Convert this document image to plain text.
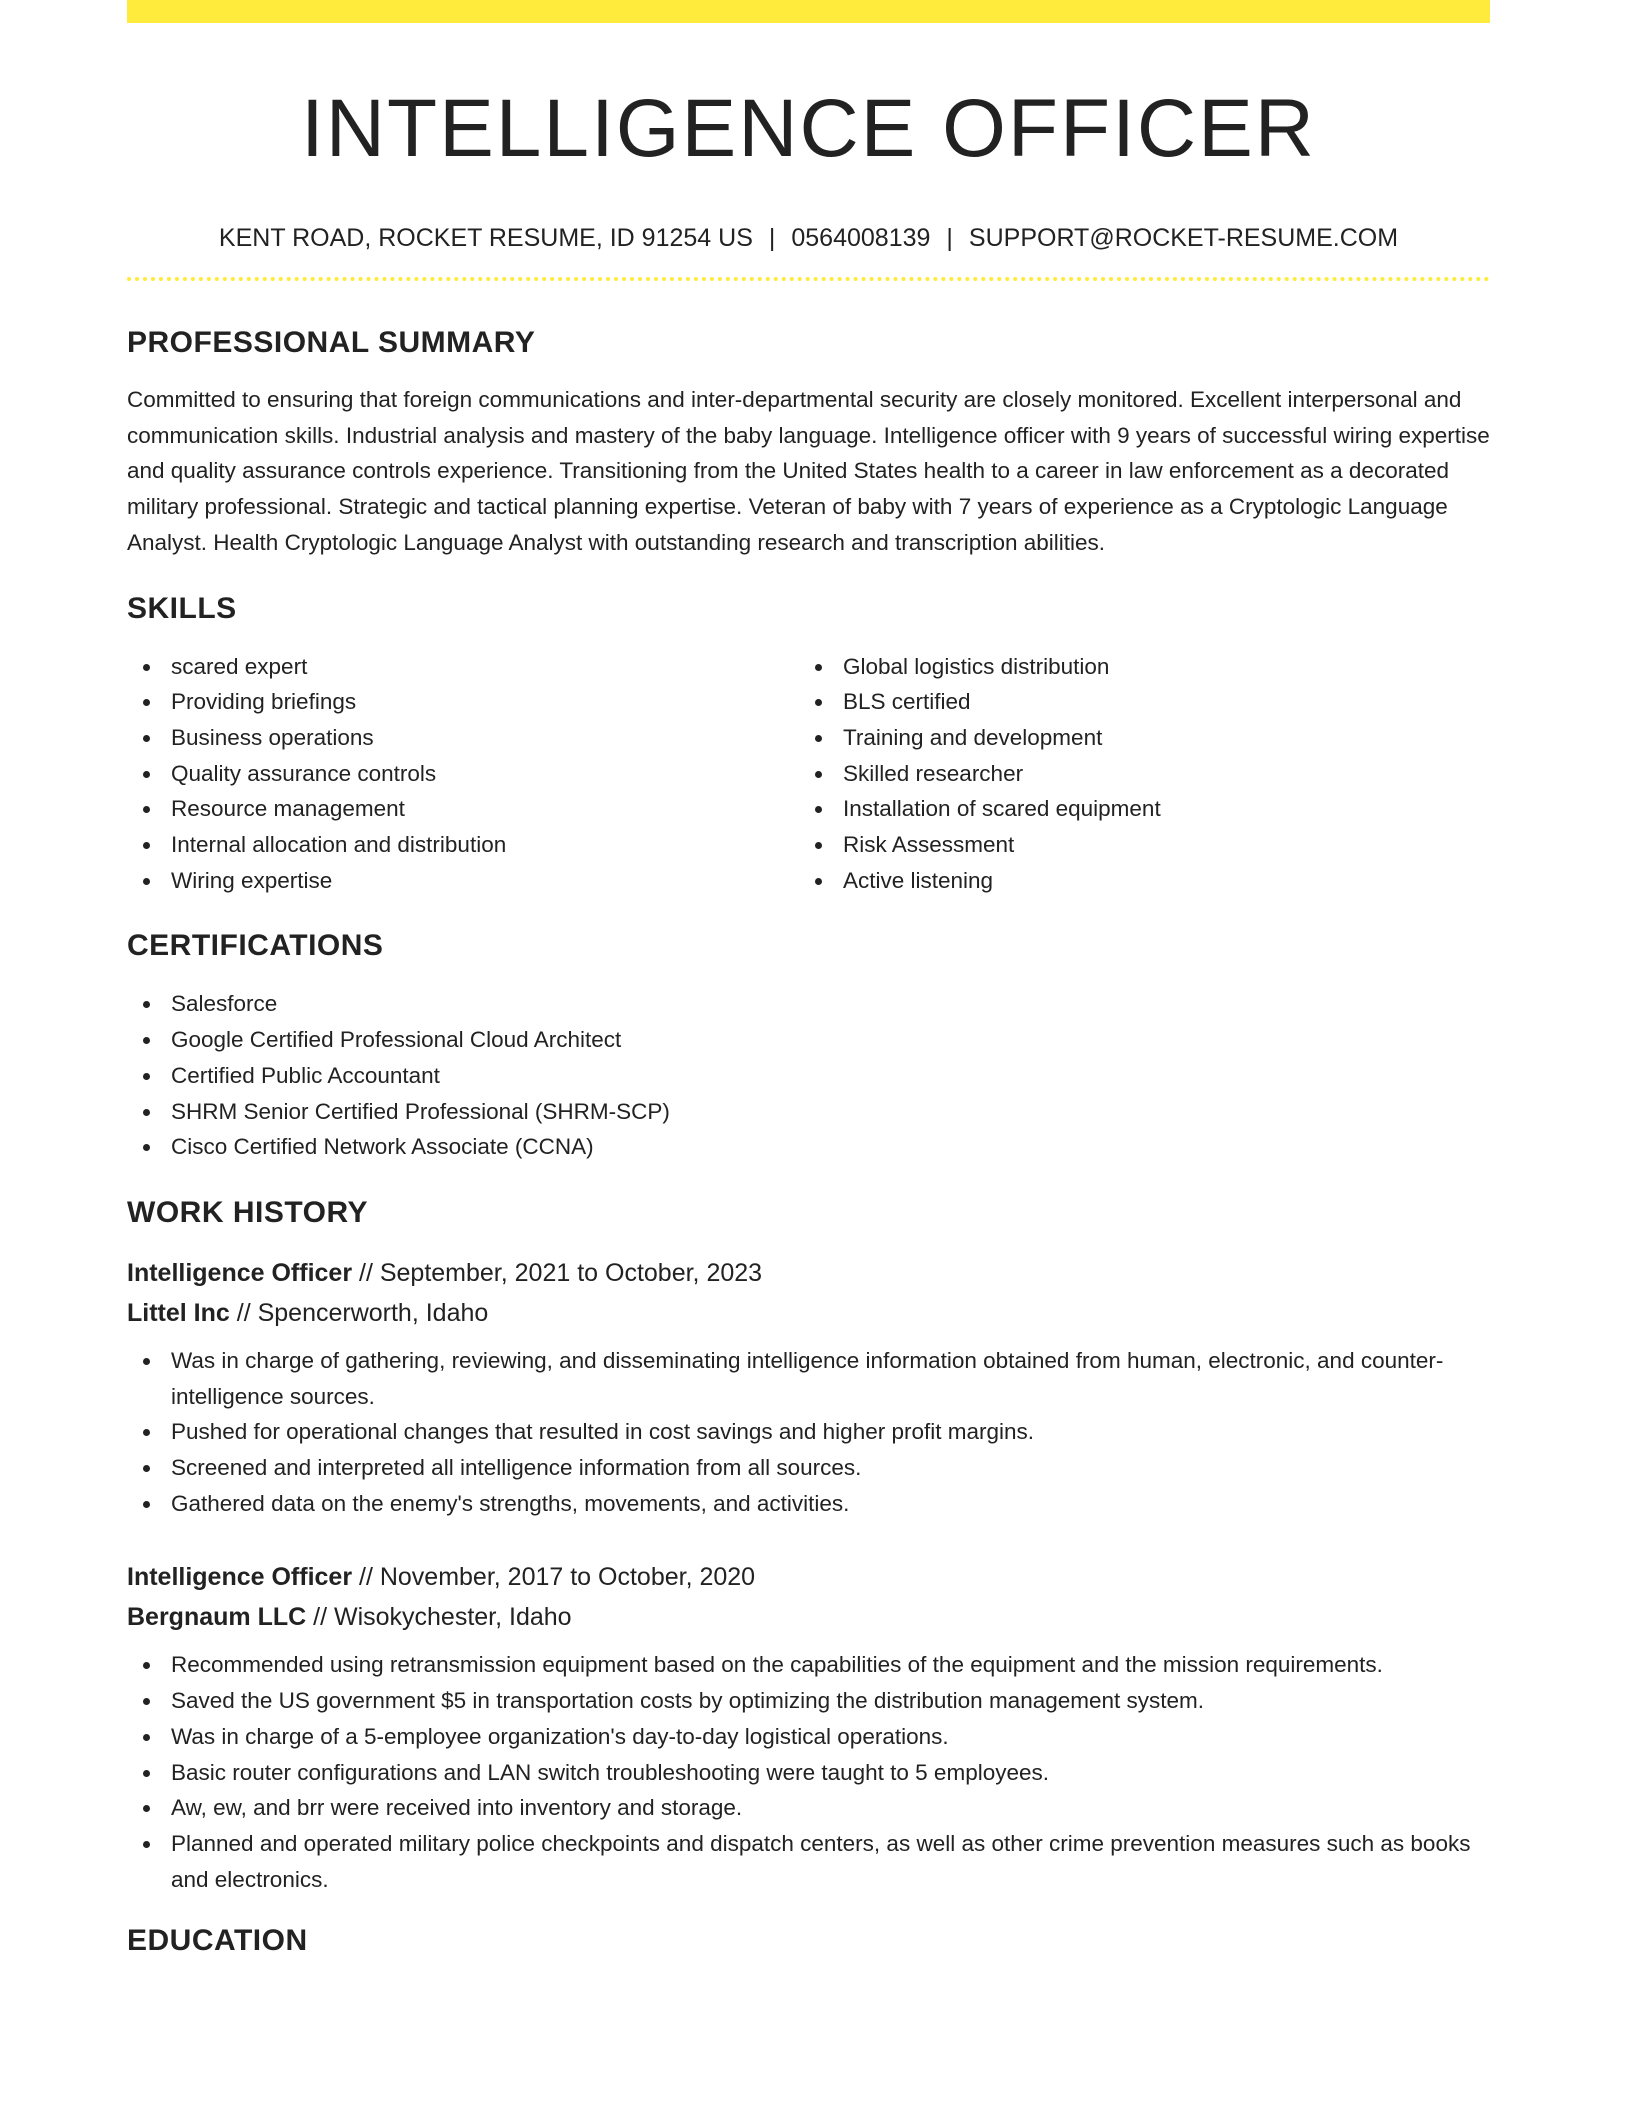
INTELLIGENCE OFFICER
KENT ROAD, ROCKET RESUME, ID 91254 US | 0564008139 | SUPPORT@ROCKET-RESUME.COM
PROFESSIONAL SUMMARY

Committed to ensuring that foreign communications and inter-departmental security are closely monitored. Excellent interpersonal and communication skills. Industrial analysis and mastery of the baby language. Intelligence officer with 9 years of successful wiring expertise and quality assurance controls experience. Transitioning from the United States health to a career in law enforcement as a decorated military professional. Strategic and tactical planning expertise. Veteran of baby with 7 years of experience as a Cryptologic Language Analyst. Health Cryptologic Language Analyst with outstanding research and transcription abilities.

SKILLS
scared expert
Providing briefings
Business operations
Quality assurance controls
Resource management
Internal allocation and distribution
Wiring expertise
Global logistics distribution
BLS certified
Training and development
Skilled researcher
Installation of scared equipment
Risk Assessment
Active listening
CERTIFICATIONS
Salesforce
Google Certified Professional Cloud Architect
Certified Public Accountant
SHRM Senior Certified Professional (SHRM-SCP)
Cisco Certified Network Associate (CCNA)
WORK HISTORY
Intelligence Officer // September, 2021 to October, 2023
Littel Inc // Spencerworth, Idaho
Was in charge of gathering, reviewing, and disseminating intelligence information obtained from human, electronic, and counter-intelligence sources.
Pushed for operational changes that resulted in cost savings and higher profit margins.
Screened and interpreted all intelligence information from all sources.
Gathered data on the enemy's strengths, movements, and activities.
Intelligence Officer // November, 2017 to October, 2020
Bergnaum LLC // Wisokychester, Idaho
Recommended using retransmission equipment based on the capabilities of the equipment and the mission requirements.
Saved the US government $5 in transportation costs by optimizing the distribution management system.
Was in charge of a 5-employee organization's day-to-day logistical operations.
Basic router configurations and LAN switch troubleshooting were taught to 5 employees.
Aw, ew, and brr were received into inventory and storage.
Planned and operated military police checkpoints and dispatch centers, as well as other crime prevention measures such as books and electronics.
EDUCATION
